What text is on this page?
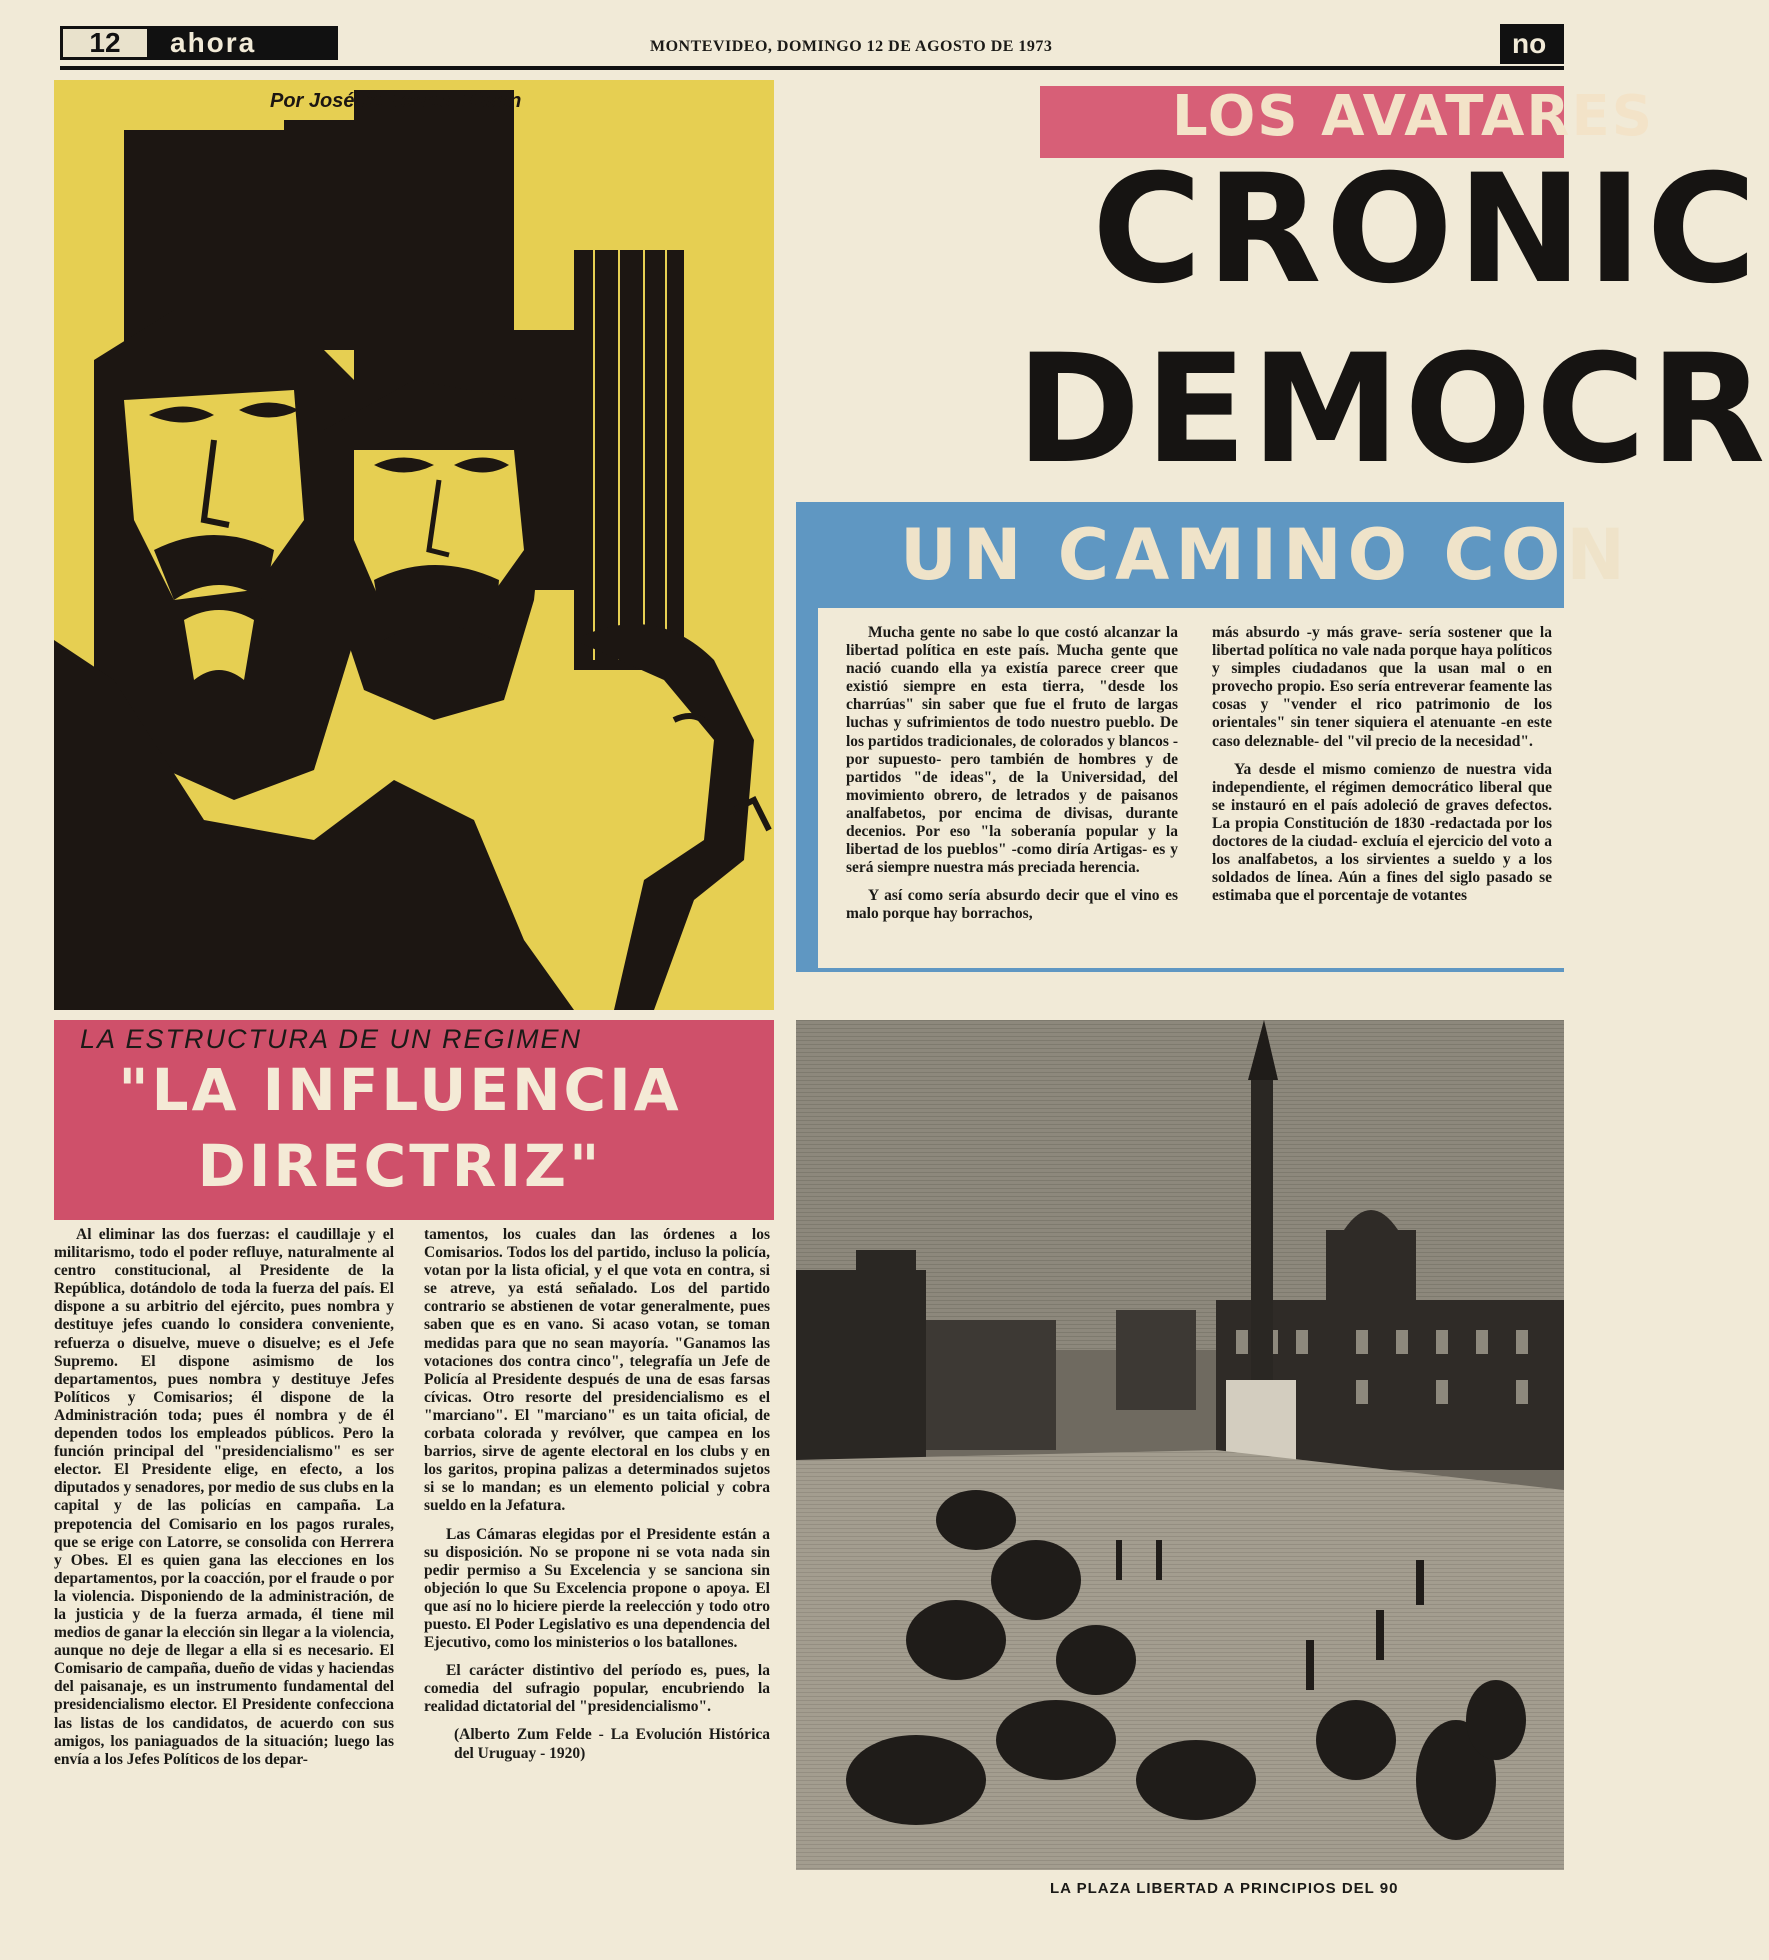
12	ahora	MONTEVIDEO, DOMINGO 12 DE AGOSTO DE 1973	no
Por José de Torres Wilson
LA ESTRUCTURA DE UN REGIMEN
"LA INFLUENCIA
DIRECTRIZ"

Al eliminar las dos fuerzas: el caudillaje y el militarismo, todo el poder refluye, naturalmente al centro constitucional, al Presidente de la República, dotándolo de toda la fuerza del país. El dispone a su arbitrio del ejército, pues nombra y destituye jefes cuando lo considera conveniente, refuerza o disuelve, mueve o disuelve; es el Jefe Supremo. El dispone asimismo de los departamentos, pues nombra y destituye Jefes Políticos y Comisarios; él dispone de la Administración toda; pues él nombra y de él dependen todos los empleados públicos. Pero la función principal del "presidencialismo" es ser elector. El Presidente elige, en efecto, a los diputados y senadores, por medio de sus clubs en la capital y de las policías en campaña. La prepotencia del Comisario en los pagos rurales, que se erige con Latorre, se consolida con Herrera y Obes. El es quien gana las elecciones en los departamentos, por la coacción, por el fraude o por la violencia. Disponiendo de la administración, de la justicia y de la fuerza armada, él tiene mil medios de ganar la elección sin llegar a la violencia, aunque no deje de llegar a ella si es necesario. El Comisario de campaña, dueño de vidas y haciendas del paisanaje, es un instrumento fundamental del presidencialismo elector. El Presidente confecciona las listas de los candidatos, de acuerdo con sus amigos, los paniaguados de la situación; luego las envía a los Jefes Políticos de los depar-

tamentos, los cuales dan las órdenes a los Comisarios. Todos los del partido, incluso la policía, votan por la lista oficial, y el que vota en contra, si se atreve, ya está señalado. Los del partido contrario se abstienen de votar generalmente, pues saben que es en vano. Si acaso votan, se toman medidas para que no sean mayoría. "Ganamos las votaciones dos contra cinco", telegrafía un Jefe de Policía al Presidente después de una de esas farsas cívicas. Otro resorte del presidencialismo es el "marciano". El "marciano" es un taita oficial, de corbata colorada y revólver, que campea en los barrios, sirve de agente electoral en los clubs y en los garitos, propina palizas a determinados sujetos si se lo mandan; es un elemento policial y cobra sueldo en la Jefatura.

Las Cámaras elegidas por el Presidente están a su disposición. No se propone ni se vota nada sin pedir permiso a Su Excelencia y se sanciona sin objeción lo que Su Excelencia propone o apoya. El que así no lo hiciere pierde la reelección y todo otro puesto. El Poder Legislativo es una dependencia del Ejecutivo, como los ministerios o los batallones.

El carácter distintivo del período es, pues, la comedia del sufragio popular, encubriendo la realidad dictatorial del "presidencialismo".

(Alberto Zum Felde - La Evolución Histórica del Uruguay - 1920)

LOS AVATARES
CRONIC
DEMOCR
UN CAMINO CON

Mucha gente no sabe lo que costó alcanzar la libertad política en este país. Mucha gente que nació cuando ella ya existía parece creer que existió siempre en esta tierra, "desde los charrúas" sin saber que fue el fruto de largas luchas y sufrimientos de todo nuestro pueblo. De los partidos tradicionales, de colorados y blancos -por supuesto- pero también de hombres y de partidos "de ideas", de la Universidad, del movimiento obrero, de letrados y de paisanos analfabetos, por encima de divisas, durante decenios. Por eso "la soberanía popular y la libertad de los pueblos" -como diría Artigas- es y será siempre nuestra más preciada herencia.

Y así como sería absurdo decir que el vino es malo porque hay borrachos,

más absurdo -y más grave- sería sostener que la libertad política no vale nada porque haya políticos y simples ciudadanos que la usan mal o en provecho propio. Eso sería entreverar feamente las cosas y "vender el rico patrimonio de los orientales" sin tener siquiera el atenuante -en este caso deleznable- del "vil precio de la necesidad".

Ya desde el mismo comienzo de nuestra vida independiente, el régimen democrático liberal que se instauró en el país adoleció de graves defectos. La propia Constitución de 1830 -redactada por los doctores de la ciudad- excluía el ejercicio del voto a los analfabetos, a los sirvientes a sueldo y a los soldados de línea. Aún a fines del siglo pasado se estimaba que el porcentaje de votantes

LA PLAZA LIBERTAD A PRINCIPIOS DEL 90
